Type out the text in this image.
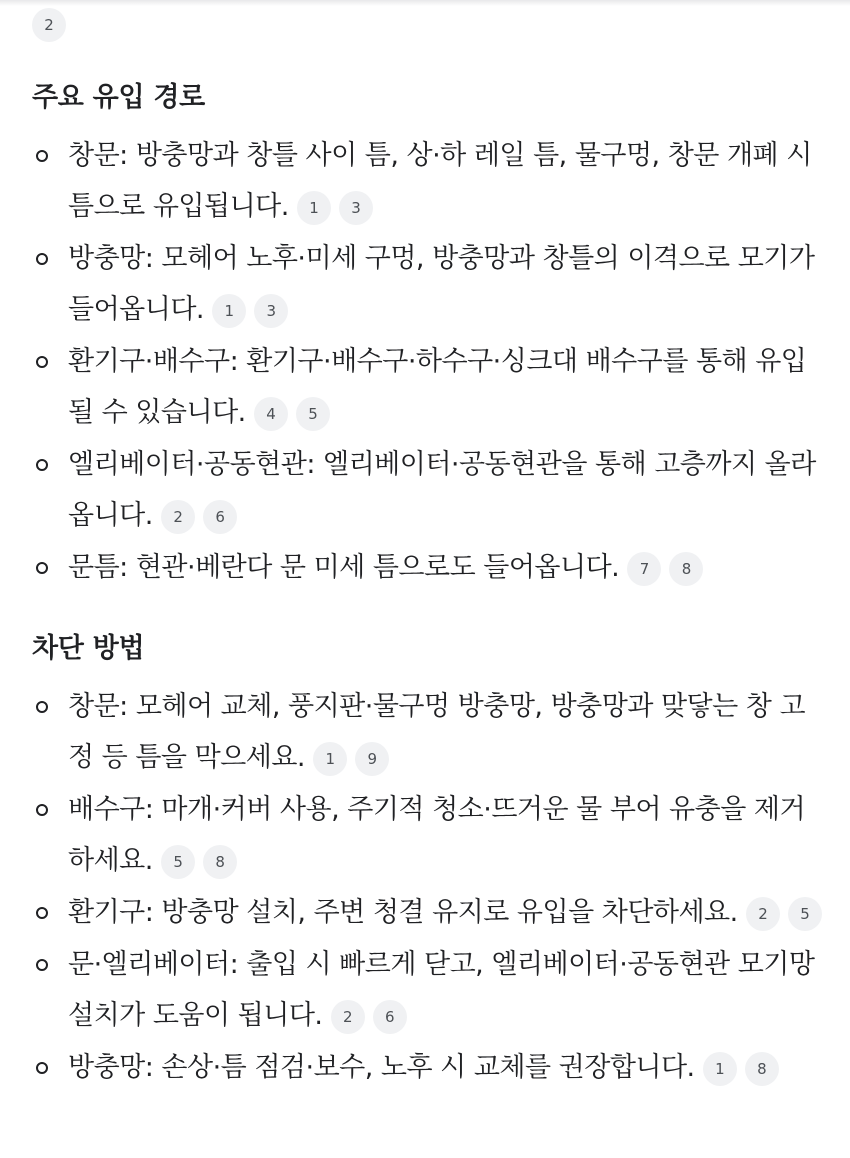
2
주요 유입 경로
창문: 방충망과 창틀 사이 틈, 상·하 레일 틈, 물구멍, 창문 개폐 시 틈으로 유입됩니다. 1 3
방충망: 모헤어 노후·미세 구멍, 방충망과 창틀의 이격으로 모기가 들어옵니다. 1 3
환기구·배수구: 환기구·배수구·하수구·싱크대 배수구를 통해 유입될 수 있습니다. 4 5
엘리베이터·공동현관: 엘리베이터·공동현관을 통해 고층까지 올라옵니다. 2 6
문틈: 현관·베란다 문 미세 틈으로도 들어옵니다. 7 8
차단 방법
창문: 모헤어 교체, 풍지판·물구멍 방충망, 방충망과 맞닿는 창 고정 등 틈을 막으세요. 1 9
배수구: 마개·커버 사용, 주기적 청소·뜨거운 물 부어 유충을 제거하세요. 5 8
환기구: 방충망 설치, 주변 청결 유지로 유입을 차단하세요. 2 5
문·엘리베이터: 출입 시 빠르게 닫고, 엘리베이터·공동현관 모기망 설치가 도움이 됩니다. 2 6
방충망: 손상·틈 점검·보수, 노후 시 교체를 권장합니다. 1 8
